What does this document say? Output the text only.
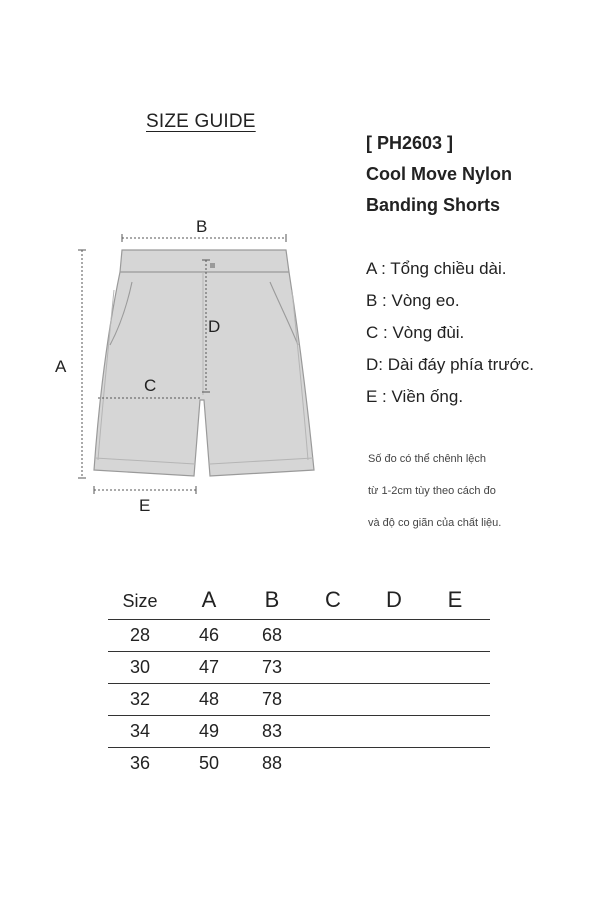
SIZE GUIDE
[ PH2603 ]
Cool Move Nylon
Banding Shorts
A
B
C
D
E
A : Tổng chiều dài.
B : Vòng eo.
C : Vòng đùi.
D: Dài đáy phía trước.
E : Viền ống.
Số đo có thể chênh lệch
từ 1-2cm tùy theo cách đo
và độ co giãn của chất liệu.
Size	A	B	C	D	E
28	46	68
30	47	73
32	48	78
34	49	83
36	50	88
